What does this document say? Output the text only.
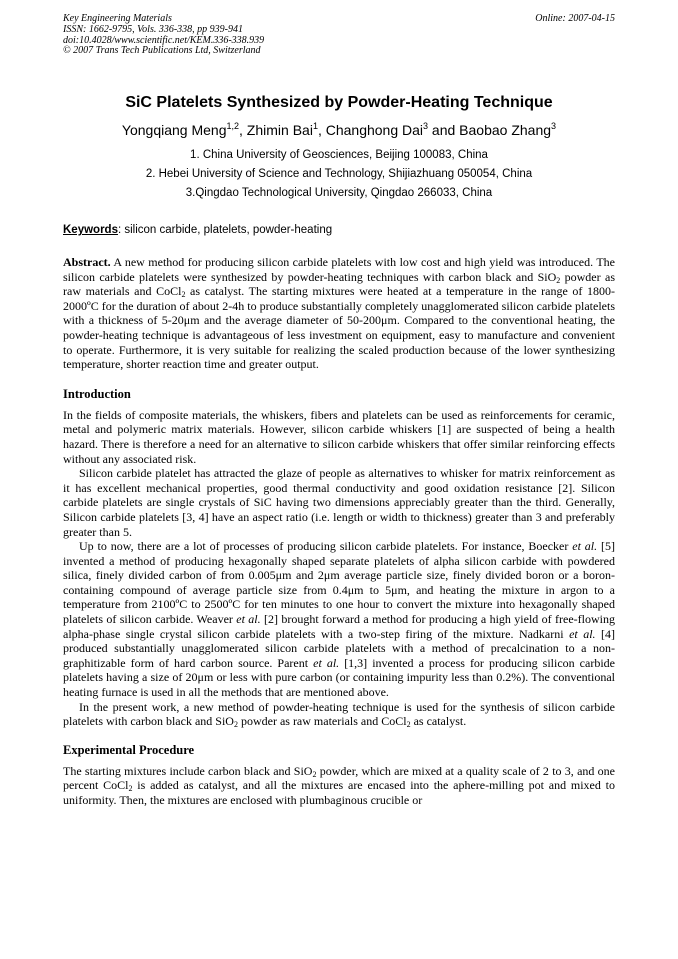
Key Engineering Materials
ISSN: 1662-9795, Vols. 336-338, pp 939-941
doi:10.4028/www.scientific.net/KEM.336-338.939
© 2007 Trans Tech Publications Ltd, Switzerland
Online: 2007-04-15
SiC Platelets Synthesized by Powder-Heating Technique
Yongqiang Meng$^{1,2}$, Zhimin Bai$^1$, Changhong Dai$^3$ and Baobao Zhang$^3$
1. China University of Geosciences, Beijing 100083, China
2. Hebei University of Science and Technology, Shijiazhuang 050054, China
3.Qingdao Technological University, Qingdao 266033, China
Keywords: silicon carbide, platelets, powder-heating

Abstract. A new method for producing silicon carbide platelets with low cost and high yield was introduced. The silicon carbide platelets were synthesized by powder-heating techniques with carbon black and SiO$_2$ powder as raw materials and CoCl$_2$ as catalyst. The starting mixtures were heated at a temperature in the range of 1800-2000ºC for the duration of about 2-4h to produce substantially completely unagglomerated silicon carbide platelets with a thickness of 5-20μm and the average diameter of 50-200μm. Compared to the conventional heating, the powder-heating technique is advantageous of less investment on equipment, easy to manufacture and convenient to operate. Furthermore, it is very suitable for realizing the scaled production because of the lower synthesizing temperature, shorter reaction time and greater output.

Introduction

In the fields of composite materials, the whiskers, fibers and platelets can be used as reinforcements for ceramic, metal and polymeric matrix materials. However, silicon carbide whiskers [1] are suspected of being a health hazard. There is therefore a need for an alternative to silicon carbide whiskers that offer similar reinforcing effects without any associated risk.

Silicon carbide platelet has attracted the glaze of people as alternatives to whisker for matrix reinforcement as it has excellent mechanical properties, good thermal conductivity and good oxidation resistance [2]. Silicon carbide platelets are single crystals of SiC having two dimensions appreciably greater than the third. Generally, Silicon carbide platelets [3, 4] have an aspect ratio (i.e. length or width to thickness) greater than 3 and preferably greater than 5.

Up to now, there are a lot of processes of producing silicon carbide platelets. For instance, Boecker et al. [5] invented a method of producing hexagonally shaped separate platelets of alpha silicon carbide with powdered silica, finely divided carbon of from 0.005μm and 2μm average particle size, finely divided boron or a boron-containing compound of average particle size from 0.4μm to 5μm, and heating the mixture in argon to a temperature from 2100ºC to 2500ºC for ten minutes to one hour to convert the mixture into hexagonally shaped platelets of silicon carbide. Weaver et al. [2] brought forward a method for producing a high yield of free-flowing alpha-phase single crystal silicon carbide platelets with a two-step firing of the mixture. Nadkarni et al. [4] produced substantially unagglomerated silicon carbide platelets with a method of precalcination to a non-graphitizable form of hard carbon source. Parent et al. [1,3] invented a process for producing silicon carbide platelets having a size of 20μm or less with pure carbon (or containing impurity less than 0.2%). The conventional heating furnace is used in all the methods that are mentioned above.

In the present work, a new method of powder-heating technique is used for the synthesis of silicon carbide platelets with carbon black and SiO$_2$ powder as raw materials and CoCl$_2$ as catalyst.

Experimental Procedure

The starting mixtures include carbon black and SiO$_2$ powder, which are mixed at a quality scale of 2 to 3, and one percent CoCl$_2$ is added as catalyst, and all the mixtures are encased into the aphere-milling pot and mixed to uniformity. Then, the mixtures are enclosed with plumbaginous crucible or
